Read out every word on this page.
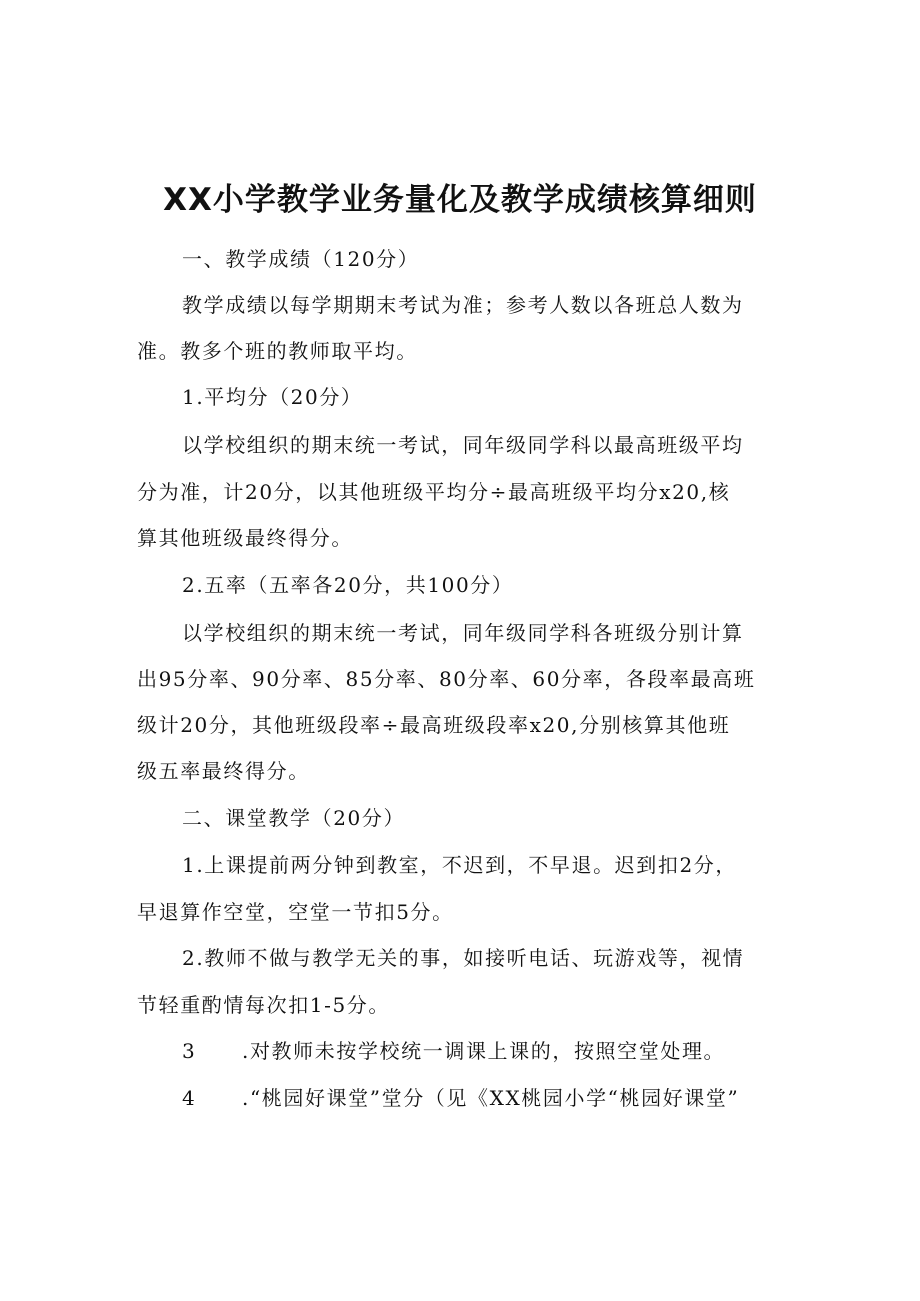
XX小学教学业务量化及教学成绩核算细则
一、教学成绩（120分）
教学成绩以每学期期末考试为准；参考人数以各班总人数为
准。教多个班的教师取平均。
1.平均分（20分）
以学校组织的期末统一考试，同年级同学科以最高班级平均
分为准，计20分，以其他班级平均分÷最高班级平均分x20,核
算其他班级最终得分。
2.五率（五率各20分，共100分）
以学校组织的期末统一考试，同年级同学科各班级分别计算
出95分率、90分率、85分率、80分率、60分率，各段率最高班
级计20分，其他班级段率÷最高班级段率x20,分别核算其他班
级五率最终得分。
二、课堂教学（20分）
1.上课提前两分钟到教室，不迟到，不早退。迟到扣2分，
早退算作空堂，空堂一节扣5分。
2.教师不做与教学无关的事，如接听电话、玩游戏等，视情
节轻重酌情每次扣1-5分。
3 .对教师未按学校统一调课上课的，按照空堂处理。
4 .“桃园好课堂”堂分（见《XX桃园小学“桃园好课堂”
